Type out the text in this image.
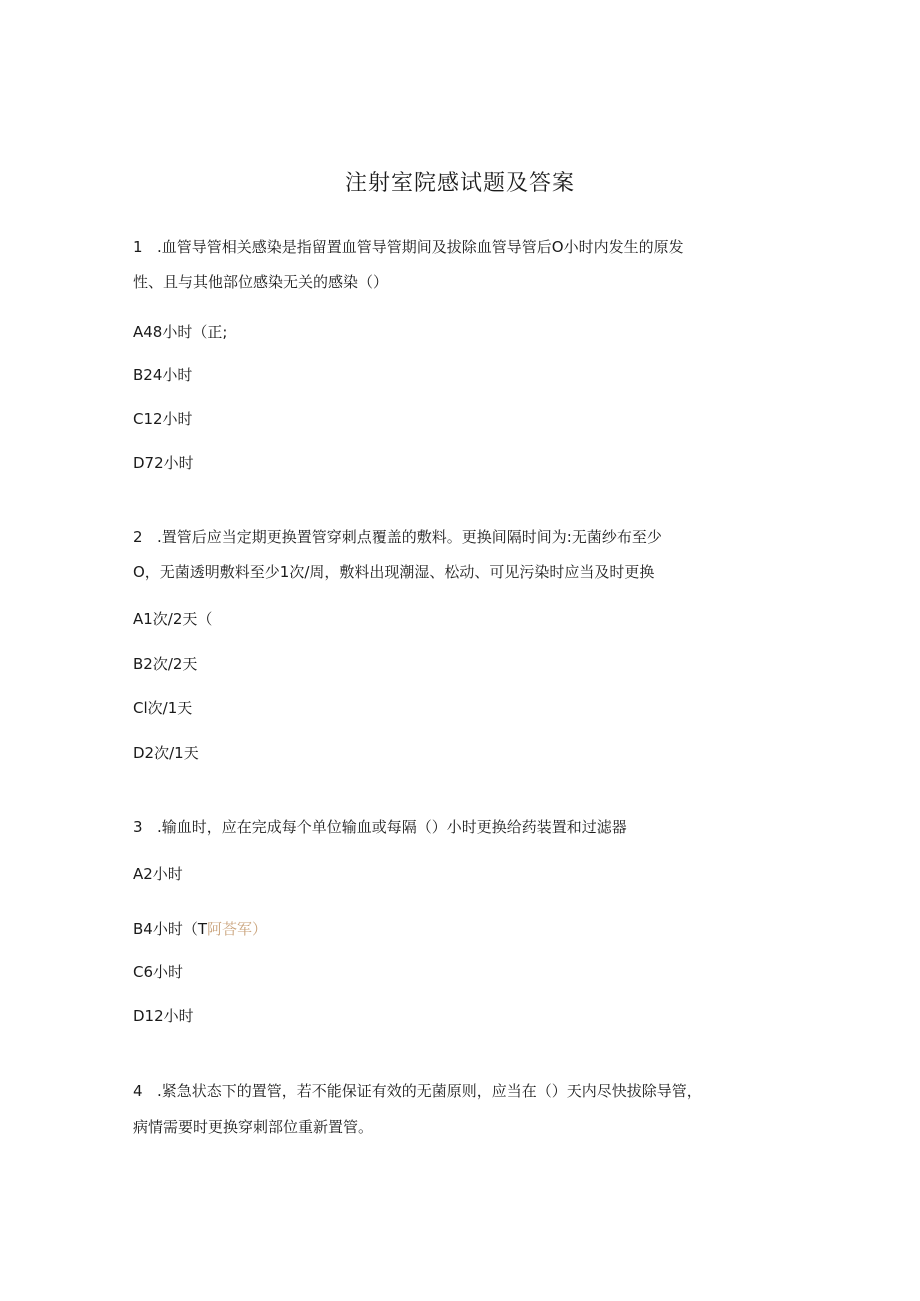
注射室院感试题及答案
1 .血管导管相关感染是指留置血管导管期间及拔除血管导管后O小时内发生的原发
性、且与其他部位感染无关的感染（）
A48小时（正;
B24小时
C12小时
D72小时
2 .置管后应当定期更换置管穿刺点覆盖的敷料。更换间隔时间为:无菌纱布至少
O，无菌透明敷料至少1次/周，敷料出现潮湿、松动、可见污染时应当及时更换
A1次/2天（
B2次/2天
Cl次/1天
D2次/1天
3 .输血时，应在完成每个单位输血或每隔（）小时更换给药装置和过滤器
A2小时
B4小时（T阿荅军）
C6小时
D12小时
4 .紧急状态下的置管，若不能保证有效的无菌原则，应当在（）天内尽快拔除导管，
病情需要时更换穿刺部位重新置管。
